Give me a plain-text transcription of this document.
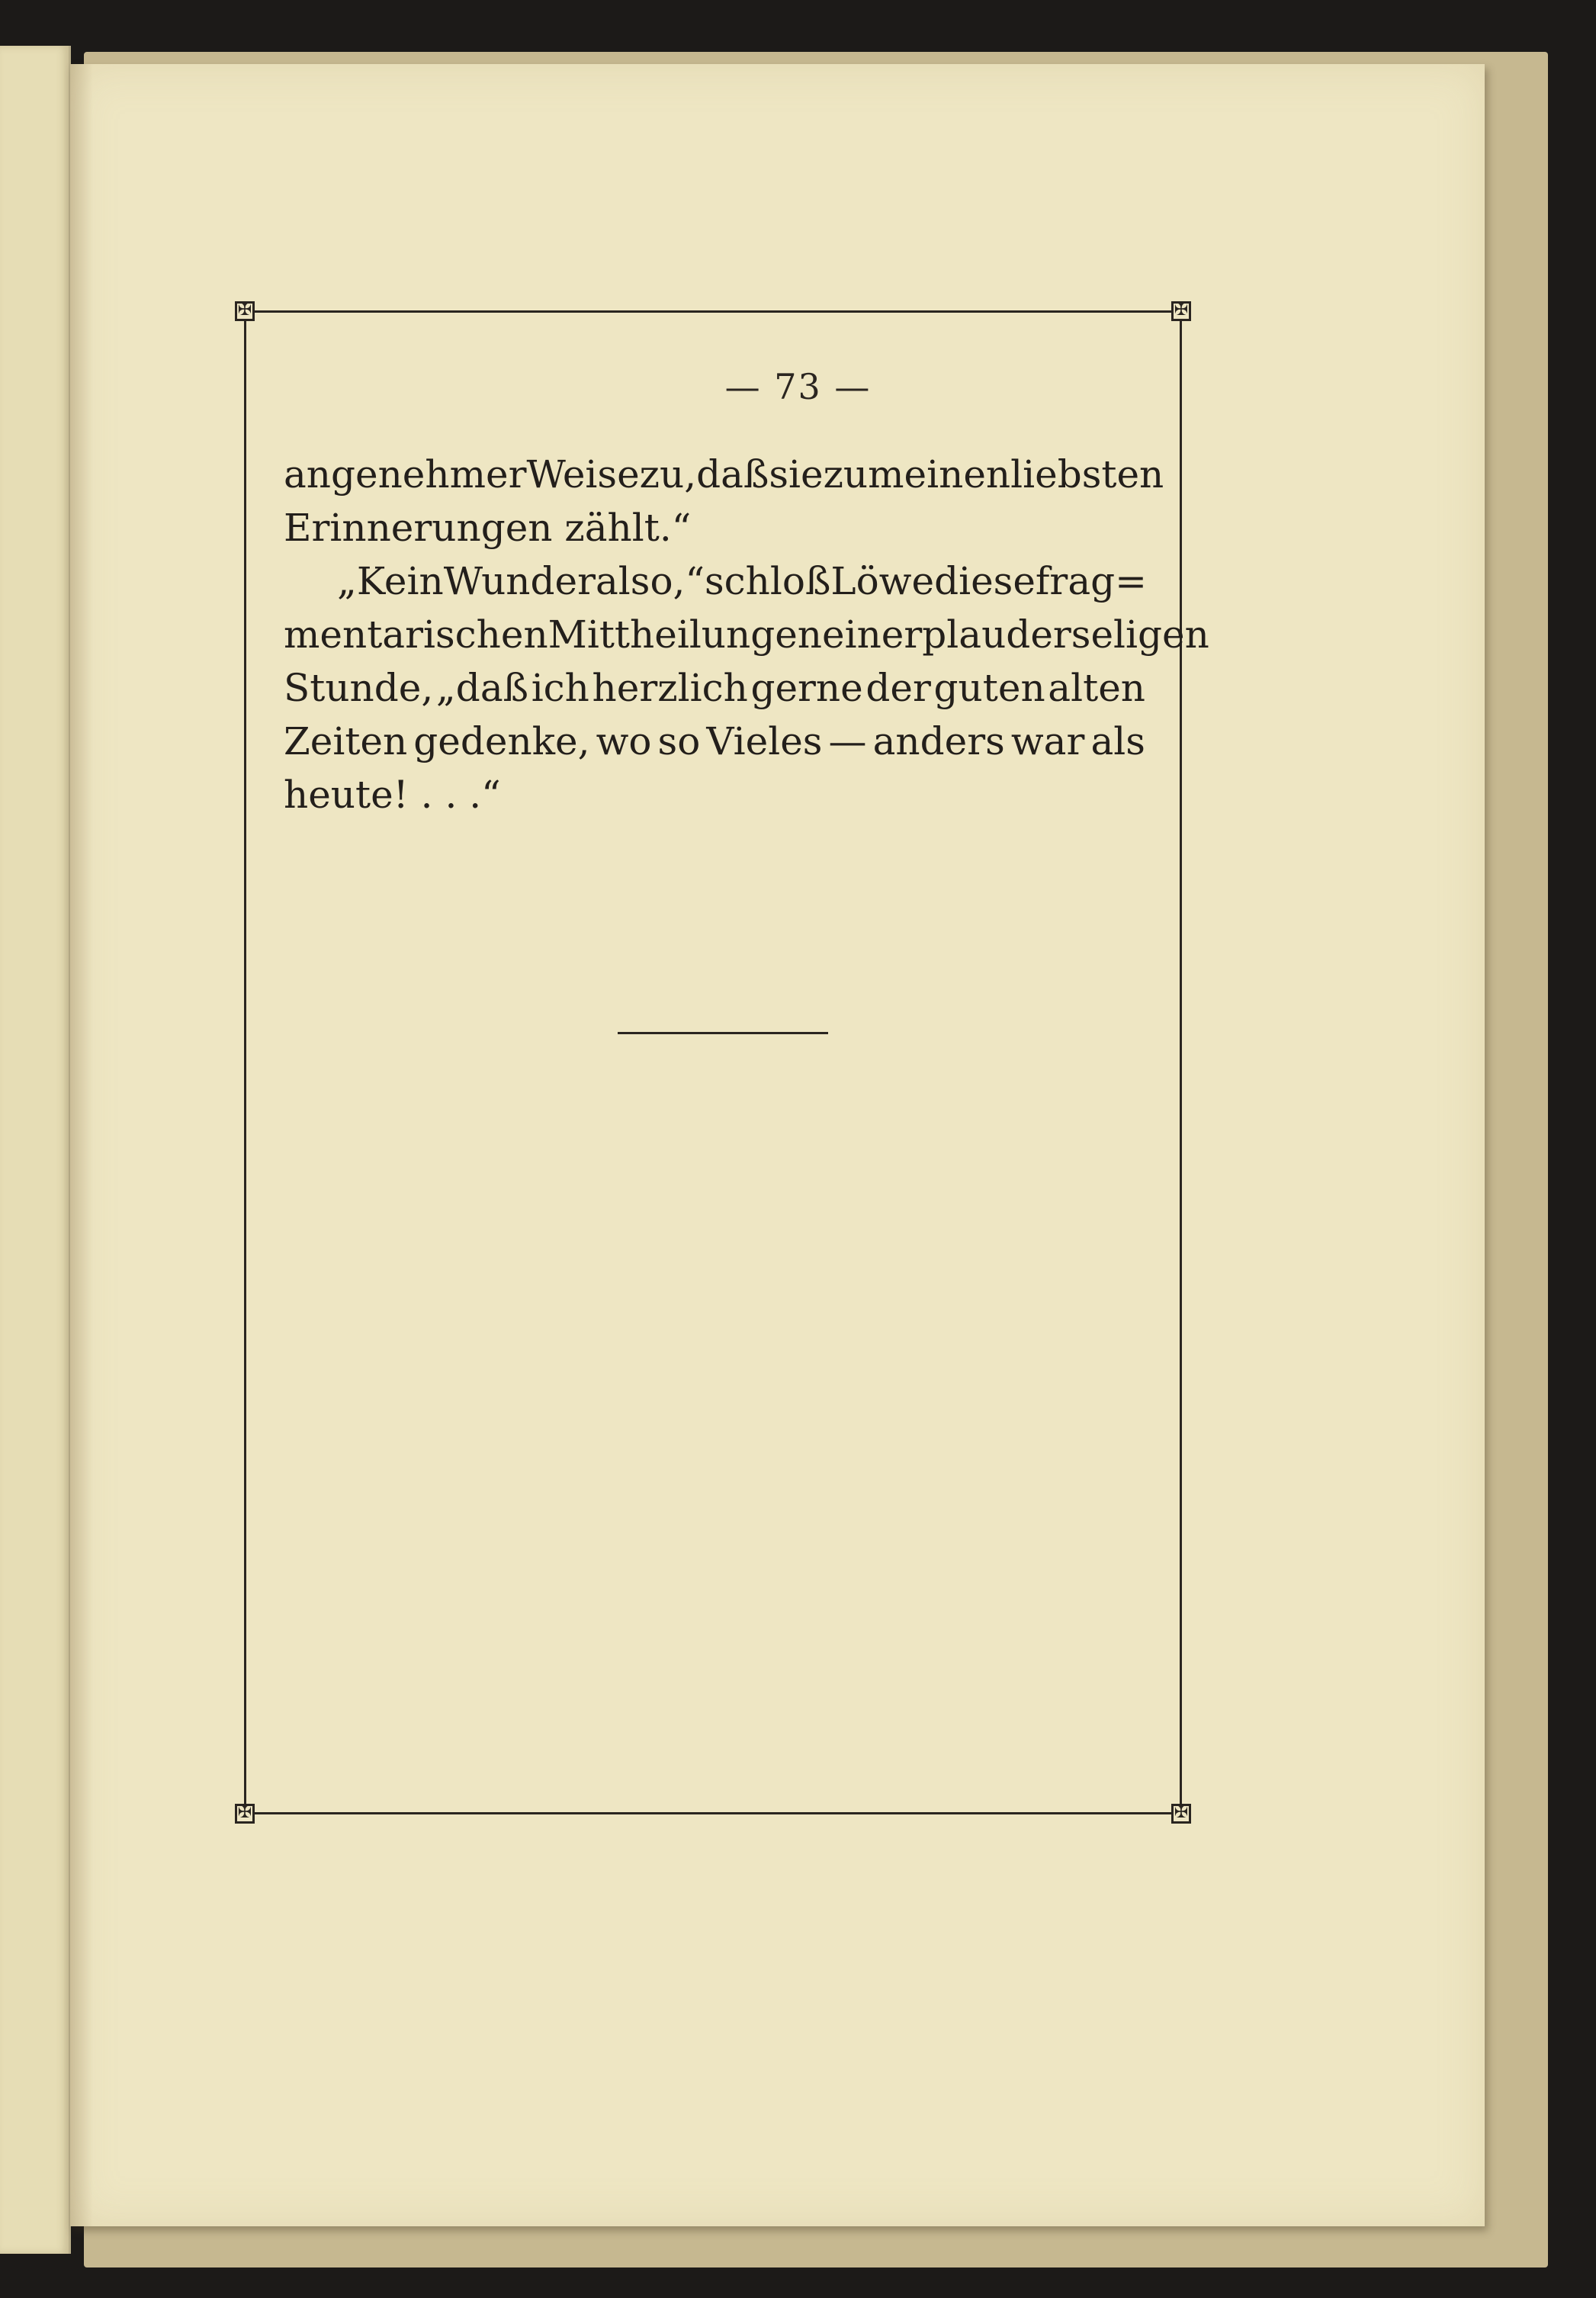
✠	✠
✠	✠
— 73 —
angenehmer Weise zu, daß sie zu meinen liebsten
Erinnerungen zählt.“
„Kein Wunder also,“ schloß Löwe diese frag=
mentarischen Mittheilungen einer plauderseligen
Stunde, „daß ich herzlich gerne der guten alten
Zeiten gedenke, wo so Vieles — anders war als
heute! . . .“
